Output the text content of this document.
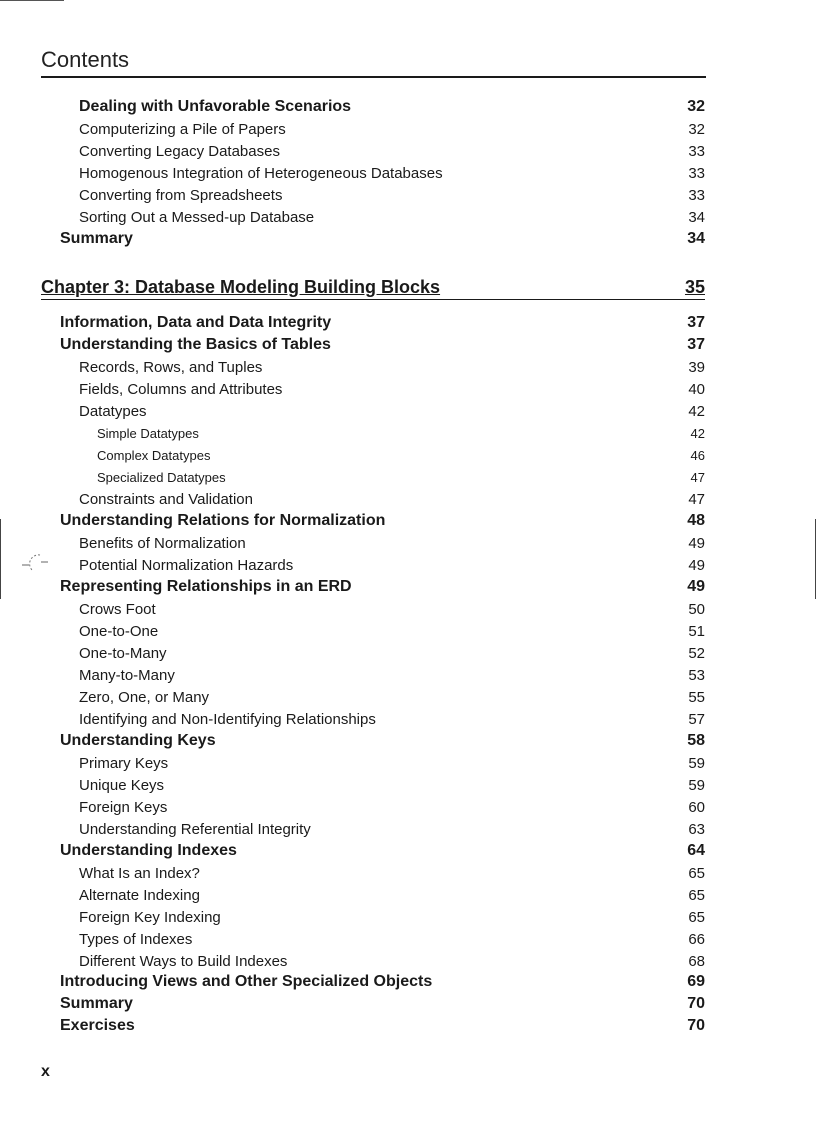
Contents
Dealing with Unfavorable Scenarios	32
Computerizing a Pile of Papers	32
Converting Legacy Databases	33
Homogenous Integration of Heterogeneous Databases	33
Converting from Spreadsheets	33
Sorting Out a Messed-up Database	34
Summary	34
Chapter 3: Database Modeling Building Blocks	35
Information, Data and Data Integrity	37
Understanding the Basics of Tables	37
Records, Rows, and Tuples	39
Fields, Columns and Attributes	40
Datatypes	42
Simple Datatypes	42
Complex Datatypes	46
Specialized Datatypes	47
Constraints and Validation	47
Understanding Relations for Normalization	48
Benefits of Normalization	49
Potential Normalization Hazards	49
Representing Relationships in an ERD	49
Crows Foot	50
One-to-One	51
One-to-Many	52
Many-to-Many	53
Zero, One, or Many	55
Identifying and Non-Identifying Relationships	57
Understanding Keys	58
Primary Keys	59
Unique Keys	59
Foreign Keys	60
Understanding Referential Integrity	63
Understanding Indexes	64
What Is an Index?	65
Alternate Indexing	65
Foreign Key Indexing	65
Types of Indexes	66
Different Ways to Build Indexes	68
Introducing Views and Other Specialized Objects	69
Summary	70
Exercises	70
x
